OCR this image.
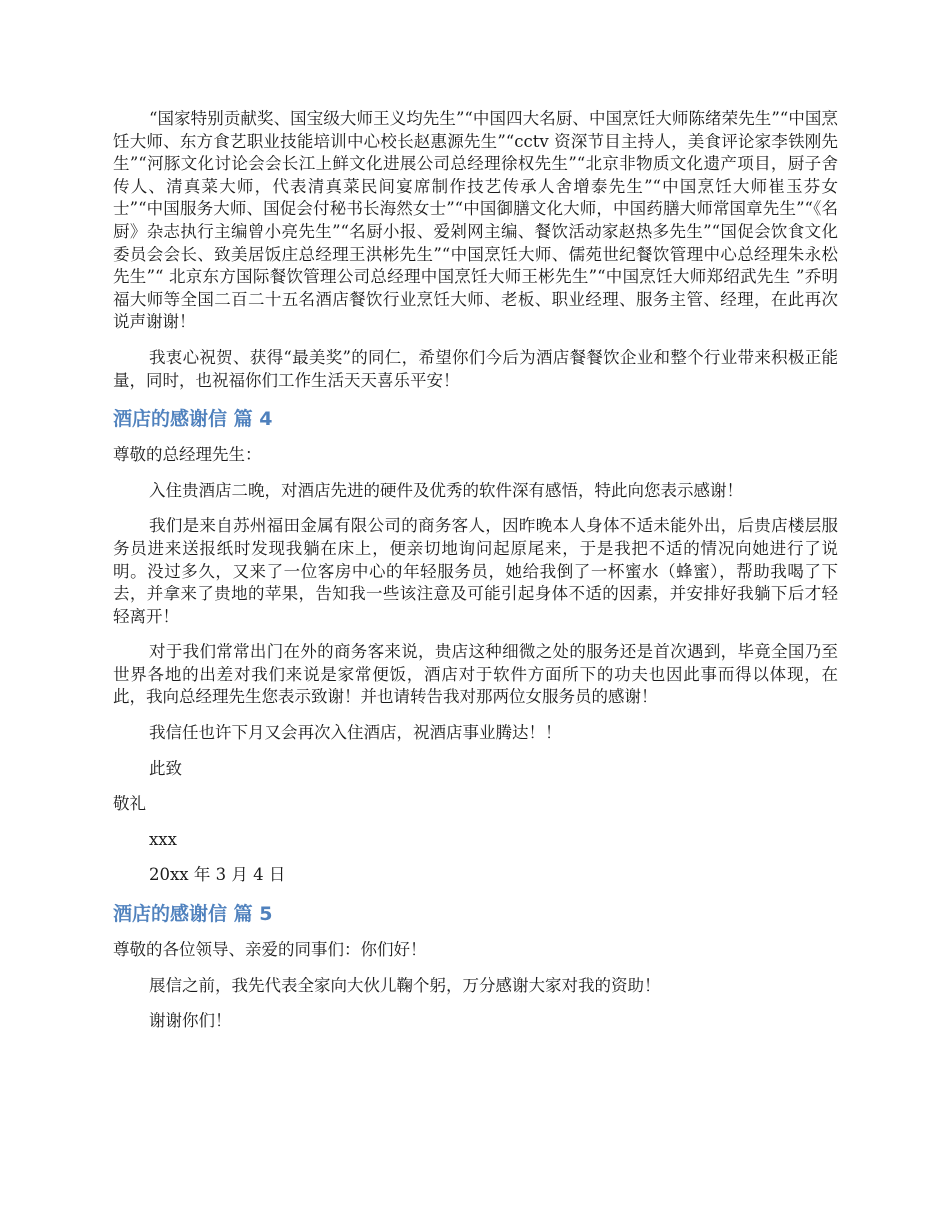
“国家特别贡献奖、国宝级大师王义均先生”“中国四大名厨、中国烹饪大师陈绪荣先生”“中国烹饪大师、东方食艺职业技能培训中心校长赵惠源先生”“cctv 资深节目主持人，美食评论家李铁刚先生”“河豚文化讨论会会长江上鲜文化进展公司总经理徐权先生”“北京非物质文化遗产项目，厨子舍传人、清真菜大师，代表清真菜民间宴席制作技艺传承人舍增泰先生”“中国烹饪大师崔玉芬女士”“中国服务大师、国促会付秘书长海然女士”“中国御膳文化大师，中国药膳大师常国章先生”“《名厨》杂志执行主编曾小亮先生”“名厨小报、爱剁网主编、餐饮活动家赵热多先生”“国促会饮食文化委员会会长、致美居饭庄总经理王洪彬先生”“中国烹饪大师、儒苑世纪餐饮管理中心总经理朱永松先生”“ 北京东方国际餐饮管理公司总经理中国烹饪大师王彬先生”“中国烹饪大师郑绍武先生 ”乔明福大师等全国二百二十五名酒店餐饮行业烹饪大师、老板、职业经理、服务主管、经理，在此再次说声谢谢！

我衷心祝贺、获得“最美奖”的同仁，希望你们今后为酒店餐餐饮企业和整个行业带来积极正能量，同时，也祝福你们工作生活天天喜乐平安！

酒店的感谢信 篇 4

尊敬的总经理先生：

入住贵酒店二晚，对酒店先进的硬件及优秀的软件深有感悟，特此向您表示感谢！

我们是来自苏州福田金属有限公司的商务客人，因昨晚本人身体不适未能外出，后贵店楼层服务员进来送报纸时发现我躺在床上，便亲切地询问起原尾来，于是我把不适的情况向她进行了说明。没过多久，又来了一位客房中心的年轻服务员，她给我倒了一杯蜜水（蜂蜜），帮助我喝了下去，并拿来了贵地的苹果，告知我一些该注意及可能引起身体不适的因素，并安排好我躺下后才轻轻离开！

对于我们常常出门在外的商务客来说，贵店这种细微之处的服务还是首次遇到，毕竟全国乃至世界各地的出差对我们来说是家常便饭，酒店对于软件方面所下的功夫也因此事而得以体现，在此，我向总经理先生您表示致谢！并也请转告我对那两位女服务员的感谢！

我信任也许下月又会再次入住酒店，祝酒店事业腾达！！

此致

敬礼

xxx

20xx 年 3 月 4 日

酒店的感谢信 篇 5

尊敬的各位领导、亲爱的同事们：你们好！

展信之前，我先代表全家向大伙儿鞠个躬，万分感谢大家对我的资助！

谢谢你们！
